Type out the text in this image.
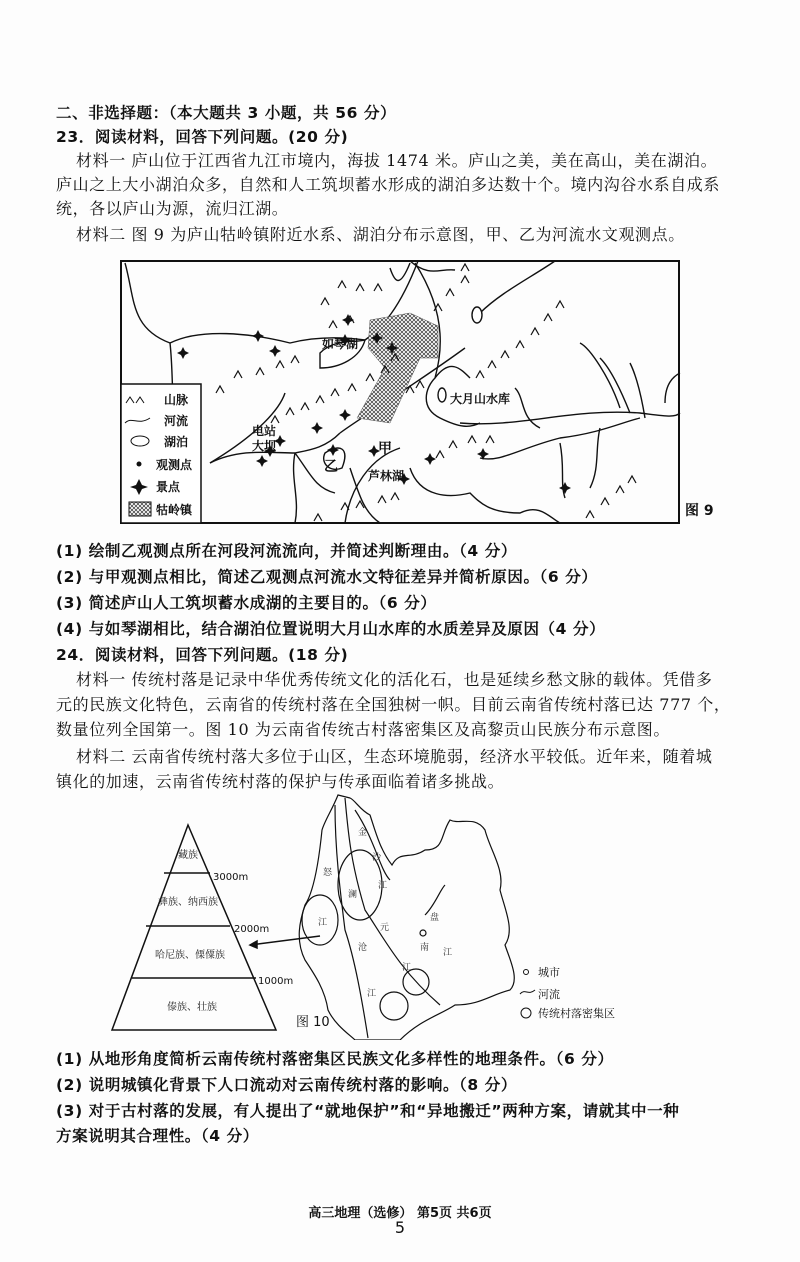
二、非选择题：（本大题共 3 小题，共 56 分）
23．阅读材料，回答下列问题。(20 分)
材料一 庐山位于江西省九江市境内，海拔 1474 米。庐山之美，美在高山，美在湖泊。
庐山之上大小湖泊众多，自然和人工筑坝蓄水形成的湖泊多达数十个。境内沟谷水系自成系
统，各以庐山为源，流归江湖。
材料二 图 9 为庐山牯岭镇附近水系、湖泊分布示意图，甲、乙为河流水文观测点。
如琴湖
大月山水库
电站
大坝	甲
乙
芦林湖
图 9
山脉
河流
湖泊
观测点
景点
牯岭镇
(1) 绘制乙观测点所在河段河流流向，并简述判断理由。（4 分）
(2) 与甲观测点相比，简述乙观测点河流水文特征差异并简析原因。（6 分）
(3) 简述庐山人工筑坝蓄水成湖的主要目的。（6 分）
(4) 与如琴湖相比，结合湖泊位置说明大月山水库的水质差异及原因（4 分）
24．阅读材料，回答下列问题。(18 分)
材料一 传统村落是记录中华优秀传统文化的活化石，也是延续乡愁文脉的载体。凭借多
元的民族文化特色，云南省的传统村落在全国独树一帜。目前云南省传统村落已达 777 个，
数量位列全国第一。图 10 为云南省传统古村落密集区及高黎贡山民族分布示意图。
材料二 云南省传统村落大多位于山区，生态环境脆弱，经济水平较低。近年来，随着城
镇化的加速，云南省传统村落的保护与传承面临着诸多挑战。
藏族
彝族、纳西族
哈尼族、傈僳族
傣族、壮族
3000m
2000m
1000m
怒
江
金
沙
江
澜
沧
江
元
江
南
盘
江
图 10
城市
河流
传统村落密集区
(1) 从地形角度简析云南传统村落密集区民族文化多样性的地理条件。（6 分）
(2) 说明城镇化背景下人口流动对云南传统村落的影响。（8 分）
(3) 对于古村落的发展，有人提出了“就地保护”和“异地搬迁”两种方案，请就其中一种
方案说明其合理性。（4 分）
高三地理（选修） 第5页 共6页
5
